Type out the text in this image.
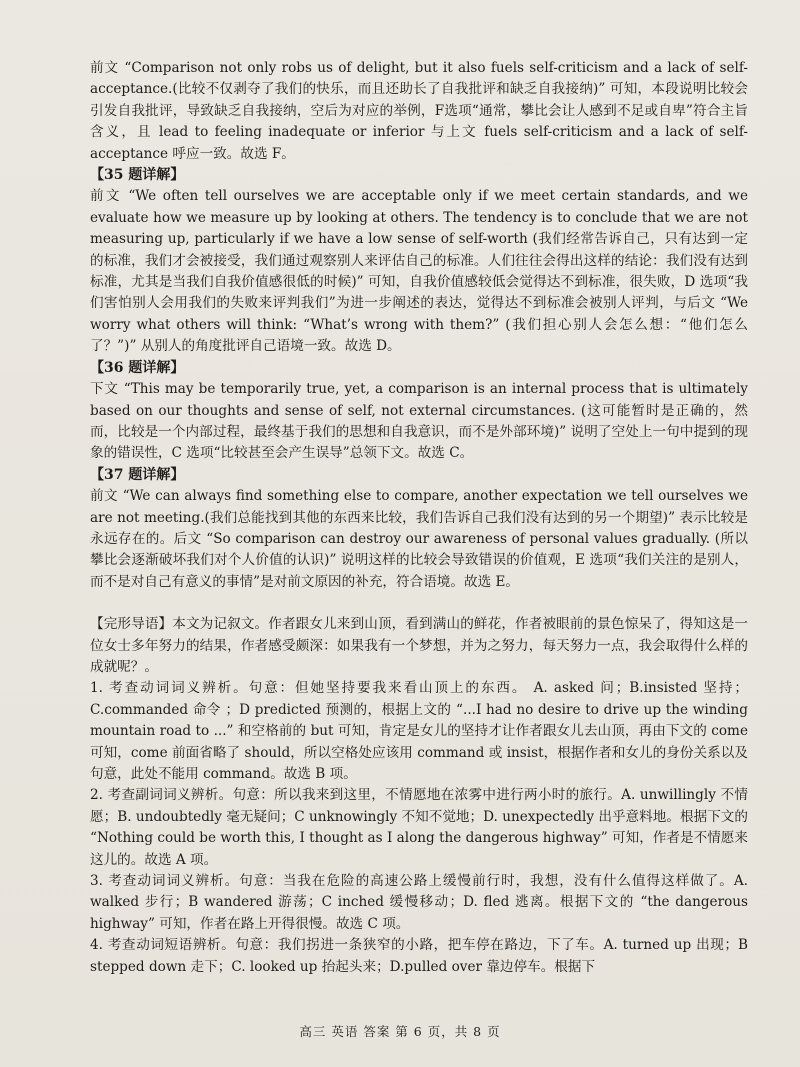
前文 “Comparison not only robs us of delight, but it also fuels self-criticism and a lack of self-acceptance.(比较不仅剥夺了我们的快乐，而且还助长了自我批评和缺乏自我接纳)” 可知，本段说明比较会引发自我批评，导致缺乏自我接纳，空后为对应的举例，F选项“通常，攀比会让人感到不足或自卑”符合主旨含义，且 lead to feeling inadequate or inferior 与上文 fuels self-criticism and a lack of self-acceptance 呼应一致。故选 F。

【35 题详解】

前文 “We often tell ourselves we are acceptable only if we meet certain standards, and we evaluate how we measure up by looking at others. The tendency is to conclude that we are not measuring up, particularly if we have a low sense of self-worth (我们经常告诉自己，只有达到一定的标准，我们才会被接受，我们通过观察别人来评估自己的标准。人们往往会得出这样的结论：我们没有达到标准，尤其是当我们自我价值感很低的时候)” 可知，自我价值感较低会觉得达不到标准，很失败，D 选项“我们害怕别人会用我们的失败来评判我们”为进一步阐述的表达，觉得达不到标准会被别人评判，与后文 “We worry what others will think: “What’s wrong with them?” (我们担心别人会怎么想：“他们怎么了？”)” 从别人的角度批评自己语境一致。故选 D。

【36 题详解】

下文 “This may be temporarily true, yet, a comparison is an internal process that is ultimately based on our thoughts and sense of self, not external circumstances. (这可能暂时是正确的，然而，比较是一个内部过程，最终基于我们的思想和自我意识，而不是外部环境)” 说明了空处上一句中提到的现象的错误性，C 选项“比较甚至会产生误导”总领下文。故选 C。

【37 题详解】

前文 “We can always find something else to compare, another expectation we tell ourselves we are not meeting.(我们总能找到其他的东西来比较，我们告诉自己我们没有达到的另一个期望)” 表示比较是永远存在的。后文 “So comparison can destroy our awareness of personal values gradually. (所以攀比会逐渐破坏我们对个人价值的认识)” 说明这样的比较会导致错误的价值观，E 选项“我们关注的是别人，而不是对自己有意义的事情”是对前文原因的补充，符合语境。故选 E。

【完形导语】本文为记叙文。作者跟女儿来到山顶，看到满山的鲜花，作者被眼前的景色惊呆了，得知这是一位女士多年努力的结果，作者感受颇深：如果我有一个梦想，并为之努力，每天努力一点，我会取得什么样的成就呢？。

1. 考查动词词义辨析。句意：但她坚持要我来看山顶上的东西。 A. asked 问；B.insisted 坚持；C.commanded 命令 ；D predicted 预测的，根据上文的 “...I had no desire to drive up the winding mountain road to ...” 和空格前的 but 可知，肯定是女儿的坚持才让作者跟女儿去山顶，再由下文的 come 可知，come 前面省略了 should，所以空格处应该用 command 或 insist，根据作者和女儿的身份关系以及句意，此处不能用 command。故选 B 项。

2. 考查副词词义辨析。句意：所以我来到这里，不情愿地在浓雾中进行两小时的旅行。A. unwillingly 不情愿；B. undoubtedly 毫无疑问；C unknowingly 不知不觉地；D. unexpectedly 出乎意料地。根据下文的 “Nothing could be worth this, I thought as I along the dangerous highway” 可知，作者是不情愿来这儿的。故选 A 项。

3. 考查动词词义辨析。句意：当我在危险的高速公路上缓慢前行时，我想，没有什么值得这样做了。A. walked 步行；B wandered 游荡；C inched 缓慢移动；D. fled 逃离。根据下文的 “the dangerous highway” 可知，作者在路上开得很慢。故选 C 项。

4. 考查动词短语辨析。句意：我们拐进一条狭窄的小路，把车停在路边，下了车。A. turned up 出现；B stepped down 走下；C. looked up 抬起头来；D.pulled over 靠边停车。根据下

高三 英语 答案 第 6 页，共 8 页
